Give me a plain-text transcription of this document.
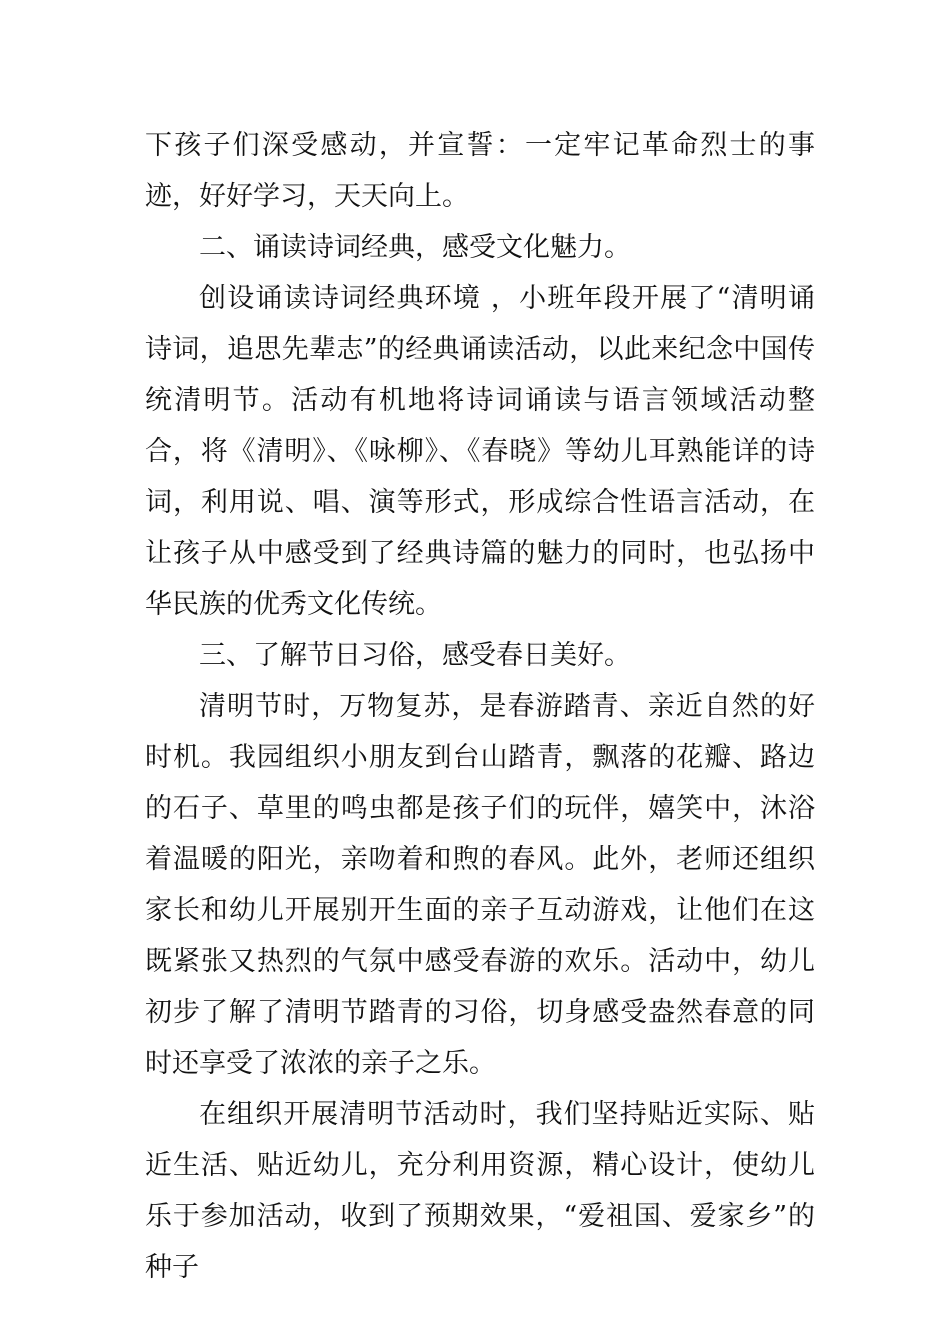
下孩子们深受感动，并宣誓：一定牢记革命烈士的事迹，好好学习，天天向上。

二、诵读诗词经典，感受文化魅力。

创设诵读诗词经典环境 ，小班年段开展了“清明诵诗词，追思先辈志”的经典诵读活动，以此来纪念中国传统清明节。活动有机地将诗词诵读与语言领域活动整合，将《清明》、《咏柳》、《春晓》等幼儿耳熟能详的诗词，利用说、唱、演等形式，形成综合性语言活动，在让孩子从中感受到了经典诗篇的魅力的同时，也弘扬中华民族的优秀文化传统。

三、了解节日习俗，感受春日美好。

清明节时，万物复苏，是春游踏青、亲近自然的好时机。我园组织小朋友到台山踏青，飘落的花瓣、路边的石子、草里的鸣虫都是孩子们的玩伴，嬉笑中，沐浴着温暖的阳光，亲吻着和煦的春风。此外，老师还组织家长和幼儿开展别开生面的亲子互动游戏，让他们在这既紧张又热烈的气氛中感受春游的欢乐。活动中，幼儿初步了解了清明节踏青的习俗，切身感受盎然春意的同时还享受了浓浓的亲子之乐。

在组织开展清明节活动时，我们坚持贴近实际、贴近生活、贴近幼儿，充分利用资源，精心设计，使幼儿乐于参加活动，收到了预期效果，“爱祖国、爱家乡”的种子
